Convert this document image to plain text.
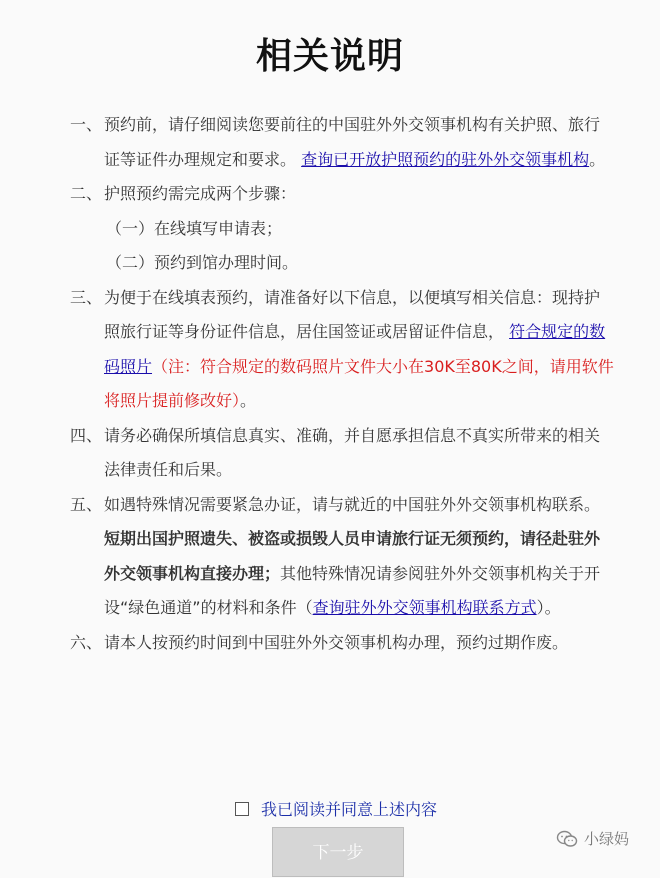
相关说明
一、 预约前，请仔细阅读您要前往的中国驻外外交领事机构有关护照、旅行证等证件办理规定和要求。 查询已开放护照预约的驻外外交领事机构。
二、 护照预约需完成两个步骤：
（一）在线填写申请表；
（二）预约到馆办理时间。
三、 为便于在线填表预约，请准备好以下信息，以便填写相关信息：现持护照旅行证等身份证件信息，居住国签证或居留证件信息， 符合规定的数码照片（注：符合规定的数码照片文件大小在30K至80K之间，请用软件将照片提前修改好）。
四、 请务必确保所填信息真实、准确，并自愿承担信息不真实所带来的相关法律责任和后果。
五、 如遇特殊情况需要紧急办证，请与就近的中国驻外外交领事机构联系。短期出国护照遗失、被盗或损毁人员申请旅行证无须预约，请径赴驻外外交领事机构直接办理；其他特殊情况请参阅驻外外交领事机构关于开设“绿色通道”的材料和条件（查询驻外外交领事机构联系方式）。
六、 请本人按预约时间到中国驻外外交领事机构办理，预约过期作废。
我已阅读并同意上述内容
下一步
小绿妈
